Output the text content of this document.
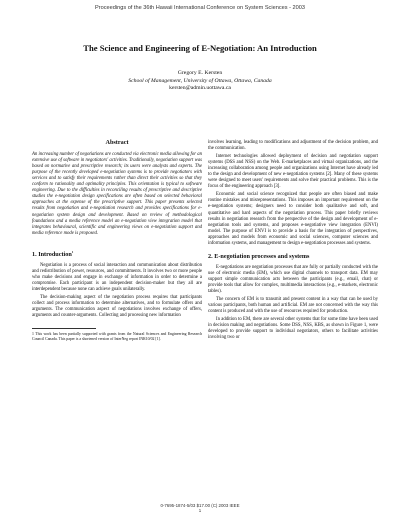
Proceedings of the 36th Hawaii International Conference on System Sciences - 2003
The Science and Engineering of E-Negotiation: An Introduction
Gregory E. Kersten
School of Management, University of Ottawa, Ottawa, Canada
kersten@admin.uottawa.ca
Abstract

An increasing number of negotiations are conducted via electronic media allowing for an extensive use of software in negotiators' activities. Traditionally, negotiation support was based on normative and prescriptive research; its users were analysts and experts. The purpose of the recently developed e-negotiation systems is to provide negotiators with services and to satisfy their requirements rather than direct their activities so that they conform to rationality and optimality principles. This orientation is typical to software engineering. Due to the difficulties in reconciling results of prescriptive and descriptive studies the e-negotiation design specifications are often based on selected behavioral approaches at the expense of the prescriptive support. This paper presents selected results from negotiation and e-negotiation research and provides specifications for e-negotiation system design and development. Based on review of methodological foundations and a media reference model an e-negotiation view integration model that integrates behavioural, scientific and engineering views on e-negotiation support and media reference mode is proposed.

1. Introduction$^1$

Negotiation is a process of social interaction and communication about distribution and redistribution of power, resources, and commitments. It involves two or more people who make decisions and engage in exchange of information in order to determine a compromise. Each participant is an independent decision-maker but they all are interdependent because none can achieve goals unilaterally.

The decision-making aspect of the negotiation process requires that participants collect and process information to determine alternatives, and to formulate offers and arguments. The communication aspect of negotiations involves exchange of offers, arguments and counter-arguments. Collecting and processing new information

1 This work has been partially supported with grants from the Natural Sciences and Engineering Research Council Canada. This paper is a shortened version of InterNeg report INR10/02 [1].

involves learning, leading to modifications and adjustment of the decision problem, and the communication.

Internet technologies allowed deployment of decision and negotiation support systems (DSS and NSS) on the Web. E-marketplaces and virtual organizations, and the increasing collaboration among people and organizations using Internet have already led to the design and development of new e-negotiation systems [2]. Many of these systems were designed to meet users' requirements and solve their practical problems. This is the focus of the engineering approach [3].

Economic and social science recognized that people are often biased and make routine mistakes and misrepresentations. This imposes an important requirement on the e-negotiation systems; designers need to consider both qualitative and soft, and quantitative and hard aspects of the negotiation process. This paper briefly reviews results in negotiation research from the perspective of the design and development of e-negotiation tools and systems, and proposes e-negotiative view integration (ENVI) model. The purpose of ENVI is to provide a basis for the integration of perspectives, approaches and models from economic and social sciences, computer sciences and information systems, and management to design e-negotiation processes and systems.

2. E-negotiation processes and systems

E-negotiations are negotiation processes that are fully or partially conducted with the use of electronic media (EM), which use digital channels to transport data. EM may support simple communication acts between the participants (e.g., email, chat) or provide tools that allow for complex, multimedia interactions (e.g., e-markets, electronic tables).

The concern of EM is to transmit and present content in a way that can be used by various participants, both human and artificial. EM are not concerned with the way this content is produced and with the use of resources required for production.

In addition to EM, there are several other systems that for some time have been used in decision making and negotiations. Some DSS, NSS, KBS, as shown in Figure 1, were developed to provide support to individual negotiators, others to facilitate activities involving two or

0-7695-1874-5/03 $17.00 (C) 2003 IEEE
1
